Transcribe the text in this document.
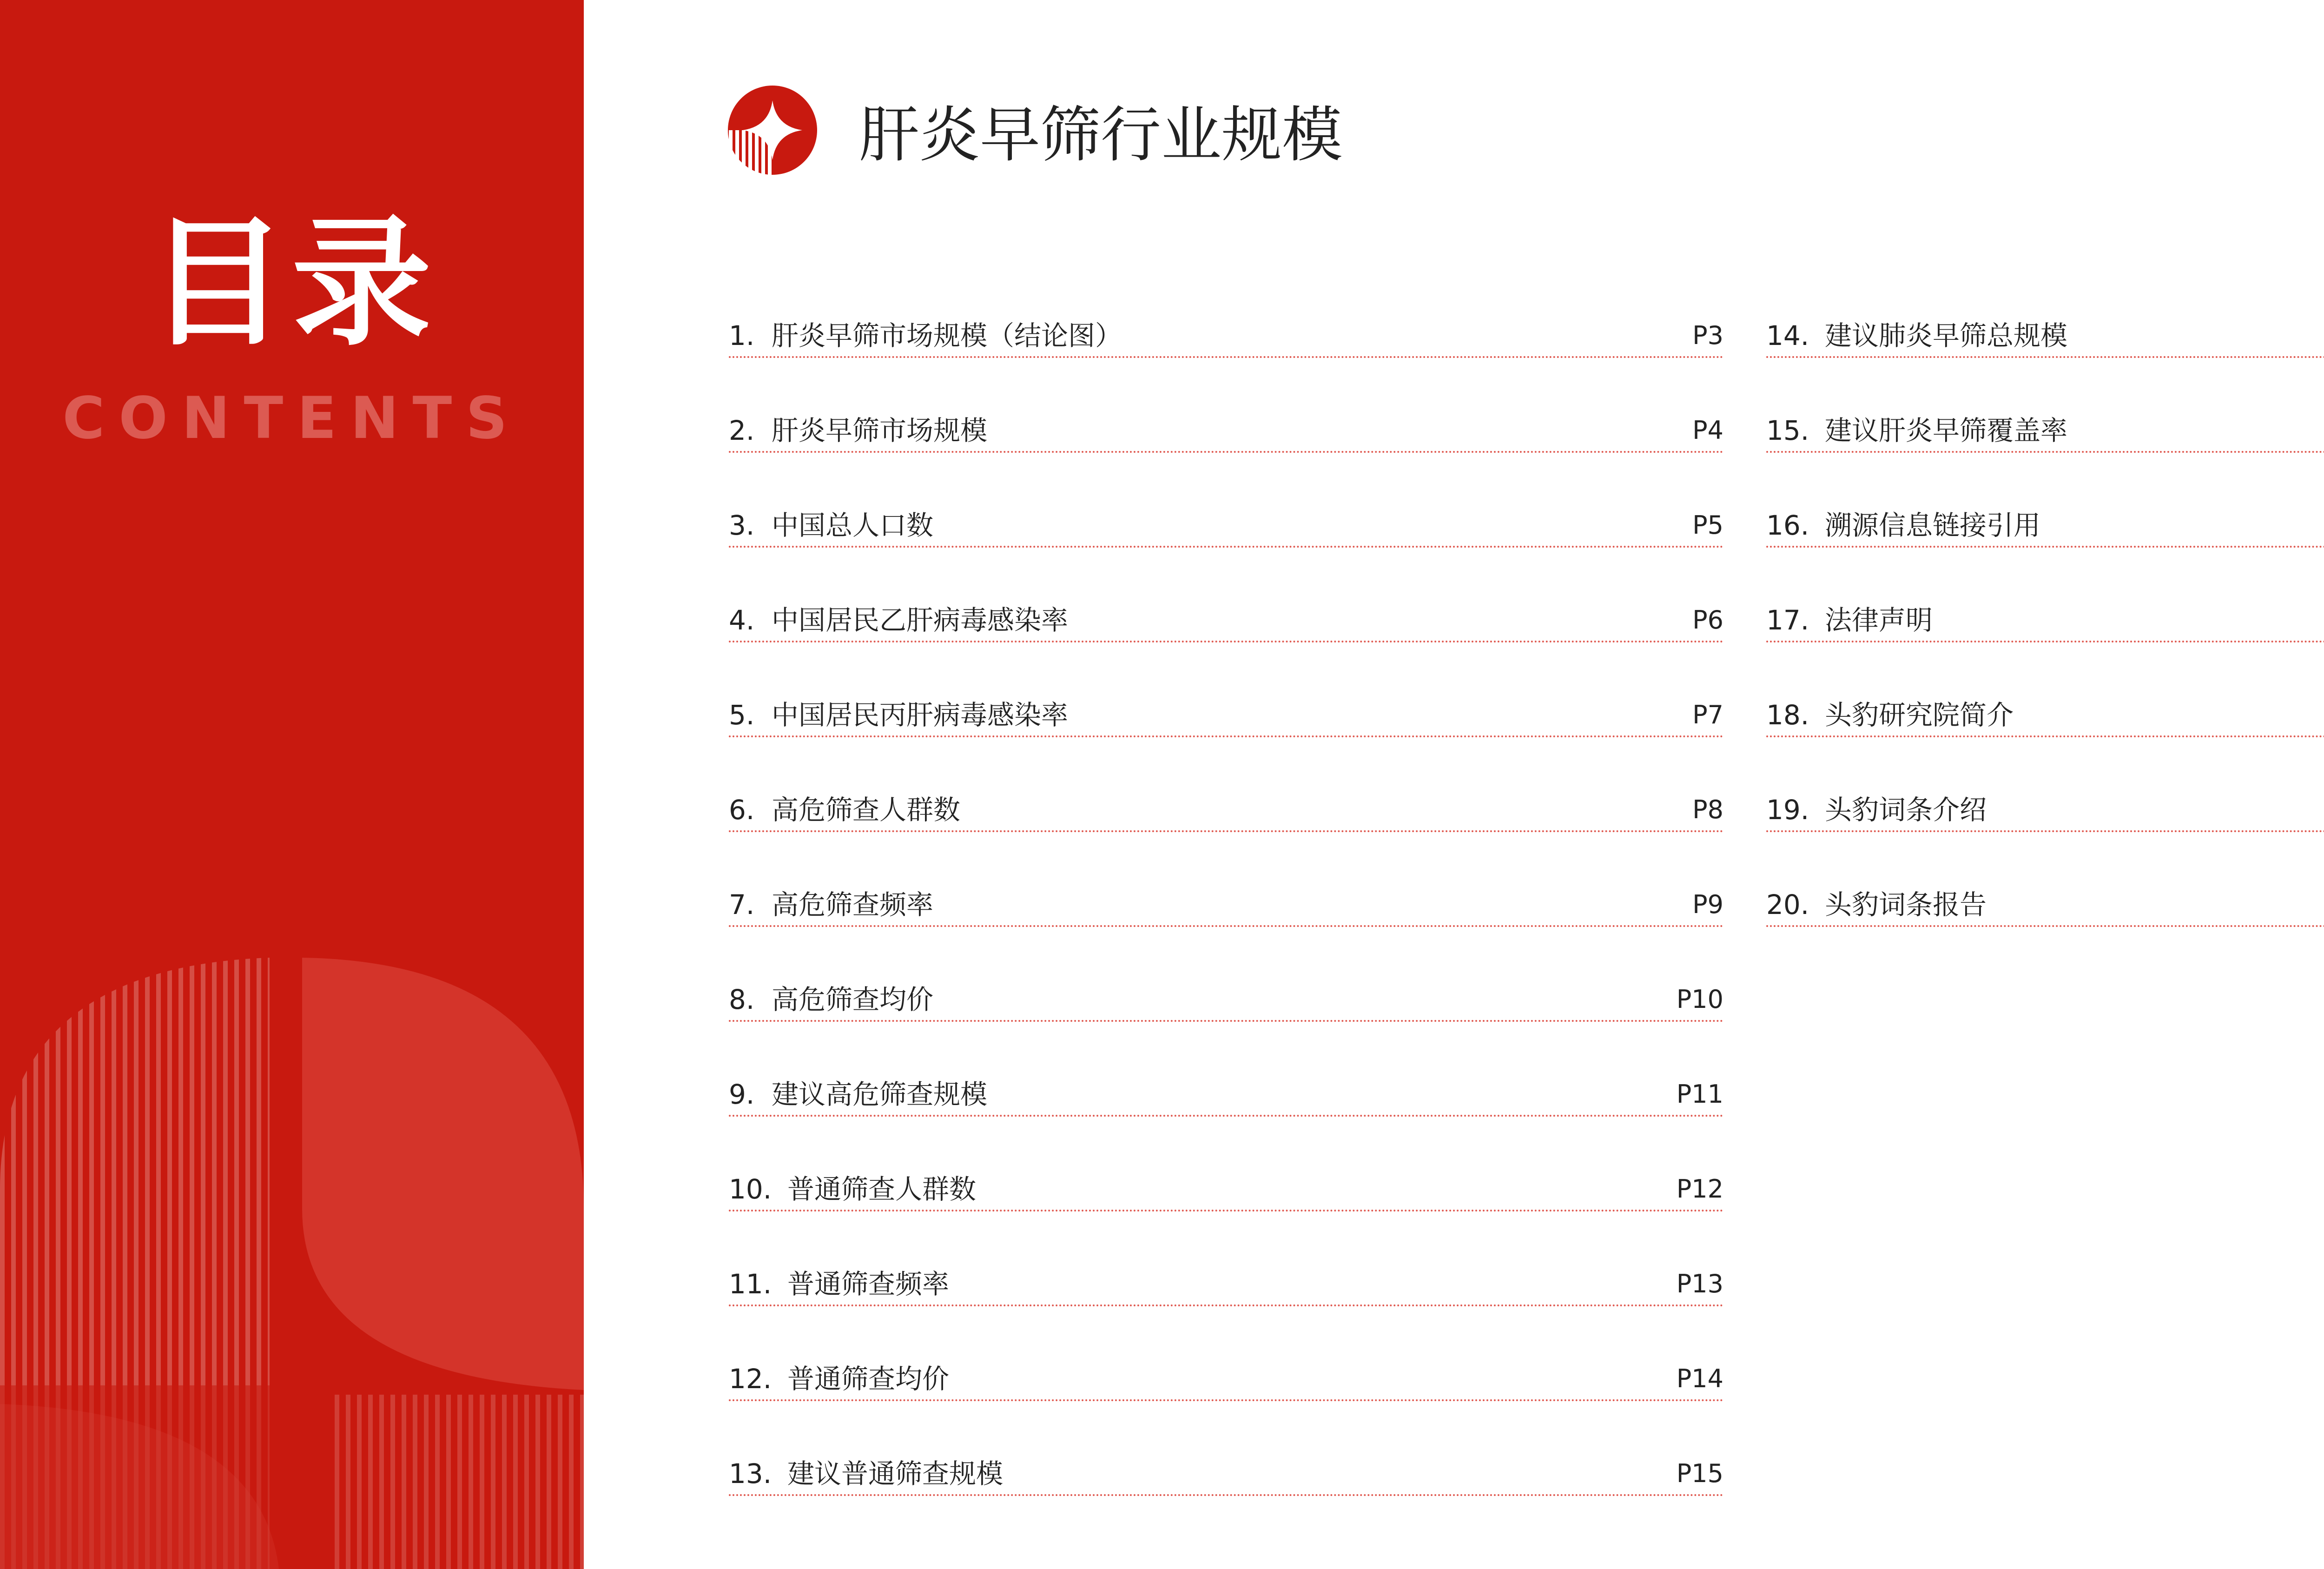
目录
CONTENTS
肝炎早筛行业规模
1. 肝炎早筛市场规模（结论图）	P3
2. 肝炎早筛市场规模	P4
3. 中国总人口数	P5
4. 中国居民乙肝病毒感染率	P6
5. 中国居民丙肝病毒感染率	P7
6. 高危筛查人群数	P8
7. 高危筛查频率	P9
8. 高危筛查均价	P10
9. 建议高危筛查规模	P11
10. 普通筛查人群数	P12
11. 普通筛查频率	P13
12. 普通筛查均价	P14
13. 建议普通筛查规模	P15
14. 建议肺炎早筛总规模
15. 建议肝炎早筛覆盖率
16. 溯源信息链接引用
17. 法律声明
18. 头豹研究院简介
19. 头豹词条介绍
20. 头豹词条报告
